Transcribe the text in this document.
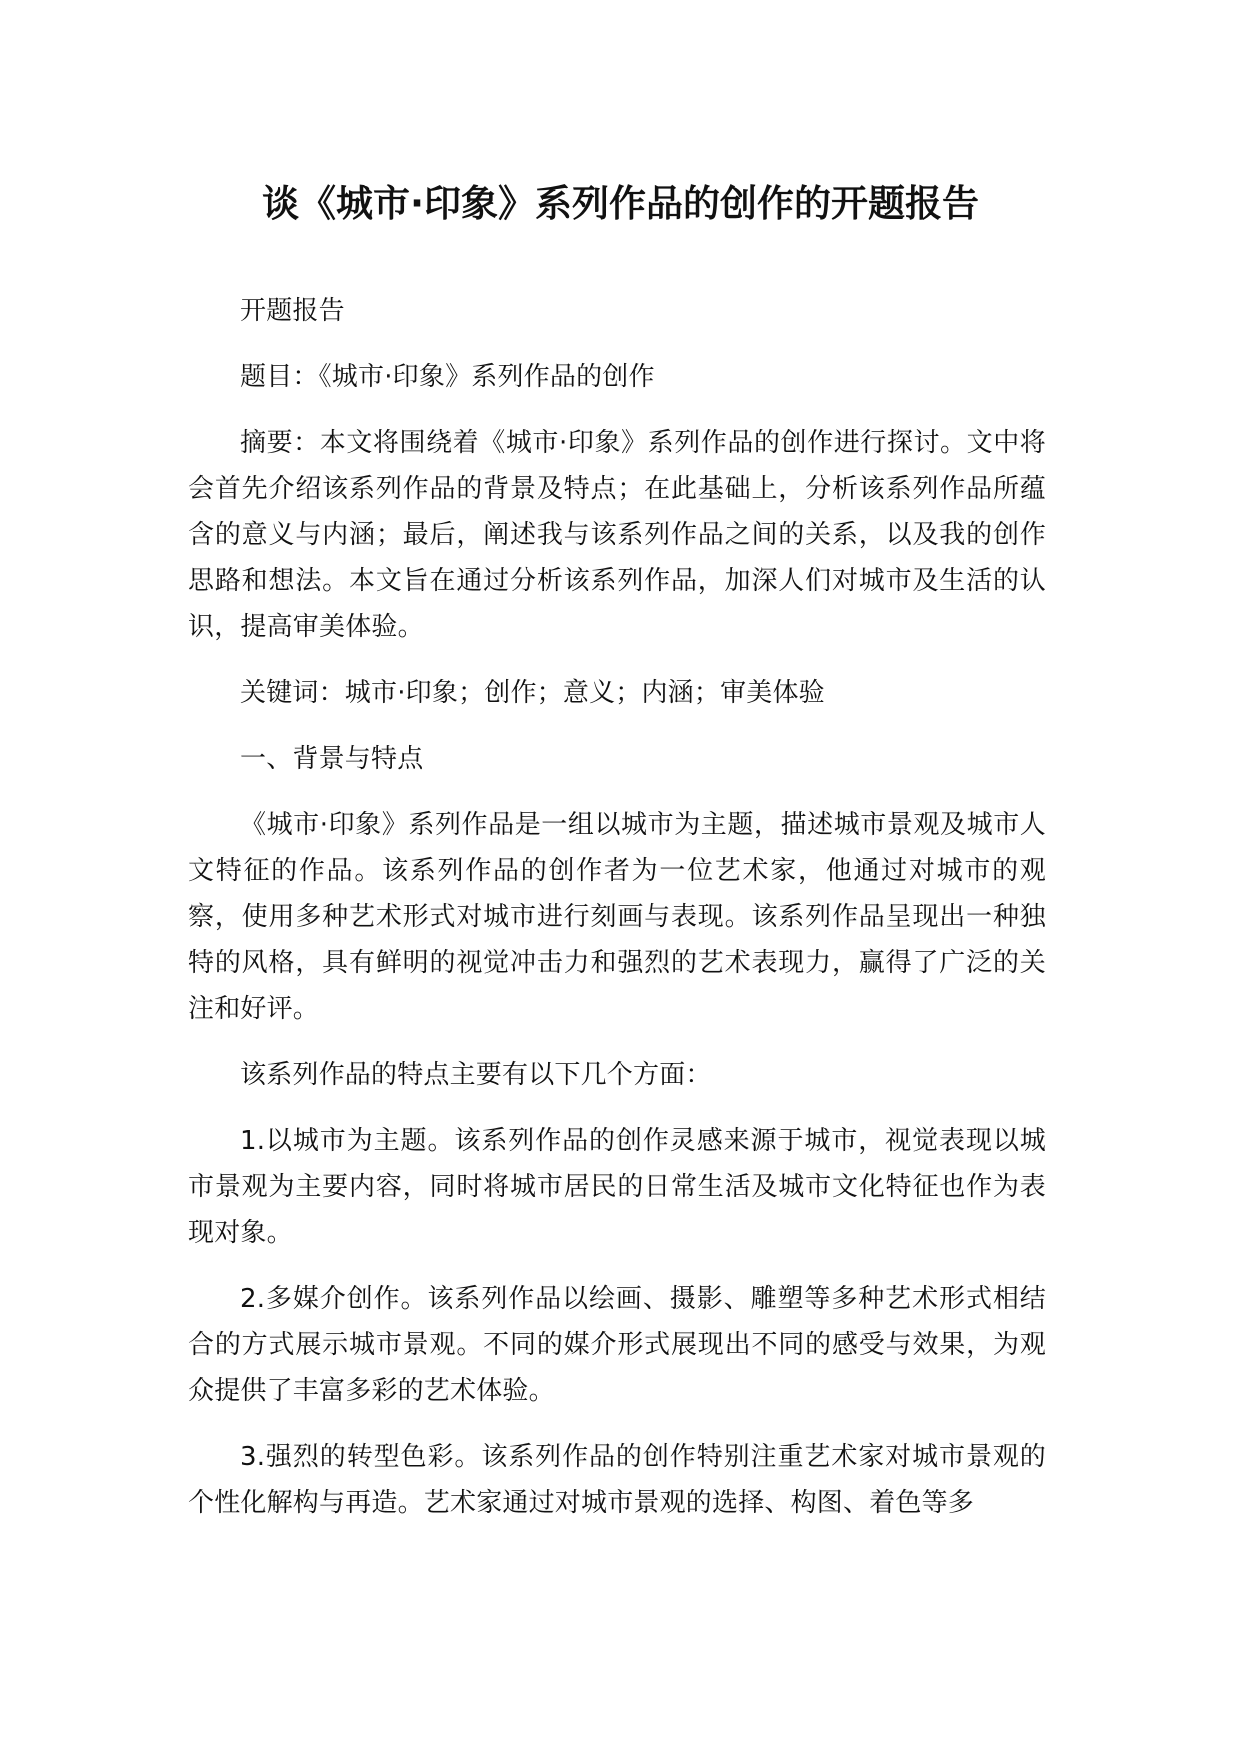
谈《城市·印象》系列作品的创作的开题报告

开题报告

题目：《城市·印象》系列作品的创作

摘要：本文将围绕着《城市·印象》系列作品的创作进行探讨。文中将会首先介绍该系列作品的背景及特点；在此基础上，分析该系列作品所蕴含的意义与内涵；最后，阐述我与该系列作品之间的关系，以及我的创作思路和想法。本文旨在通过分析该系列作品，加深人们对城市及生活的认识，提高审美体验。

关键词：城市·印象；创作；意义；内涵；审美体验

一、背景与特点

《城市·印象》系列作品是一组以城市为主题，描述城市景观及城市人文特征的作品。该系列作品的创作者为一位艺术家，他通过对城市的观察，使用多种艺术形式对城市进行刻画与表现。该系列作品呈现出一种独特的风格，具有鲜明的视觉冲击力和强烈的艺术表现力，赢得了广泛的关注和好评。

该系列作品的特点主要有以下几个方面：

1.以城市为主题。该系列作品的创作灵感来源于城市，视觉表现以城市景观为主要内容，同时将城市居民的日常生活及城市文化特征也作为表现对象。

2.多媒介创作。该系列作品以绘画、摄影、雕塑等多种艺术形式相结合的方式展示城市景观。不同的媒介形式展现出不同的感受与效果，为观众提供了丰富多彩的艺术体验。

3.强烈的转型色彩。该系列作品的创作特别注重艺术家对城市景观的个性化解构与再造。艺术家通过对城市景观的选择、构图、着色等多
